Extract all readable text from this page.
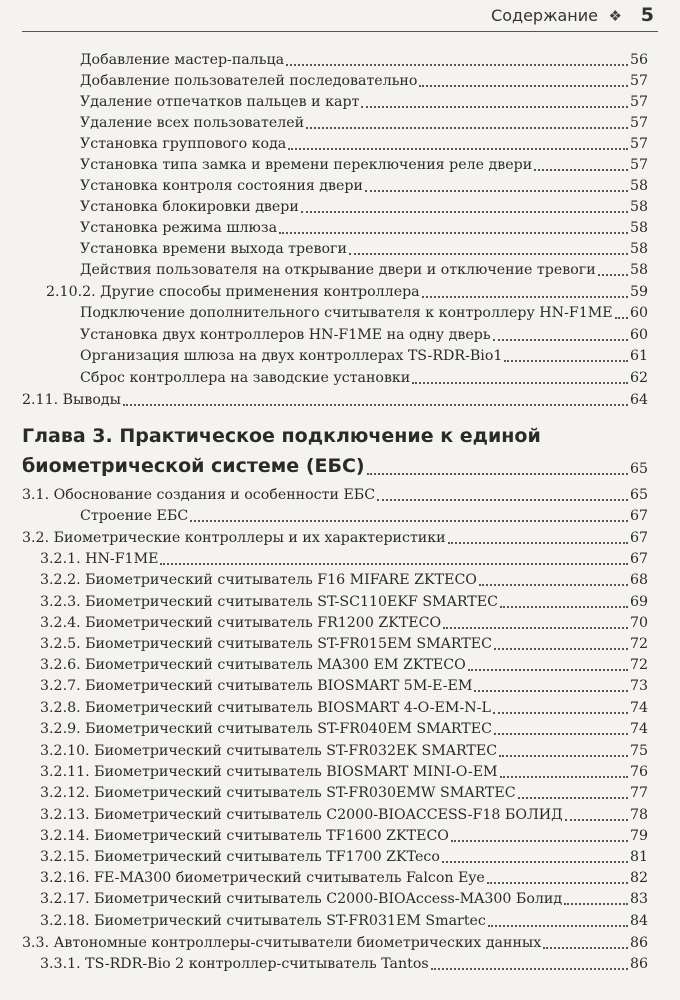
Содержание ❖ 5
Добавление мастер-пальца	56
Добавление пользователей последовательно	57
Удаление отпечатков пальцев и карт	57
Удаление всех пользователей	57
Установка группового кода	57
Установка типа замка и времени переключения реле двери	57
Установка контроля состояния двери	58
Установка блокировки двери	58
Установка режима шлюза	58
Установка времени выхода тревоги	58
Действия пользователя на открывание двери и отключение тревоги 58
2.10.2. Другие способы применения контроллера	59
Подключение дополнительного считывателя к контроллеру HN-F1ME 60
Установка двух контроллеров HN-F1ME на одну дверь	60
Организация шлюза на двух контроллерах TS-RDR-Bio1	61
Сброс контроллера на заводские установки	62
2.11. Выводы	64
Глава 3. Практическое подключение к единой
биометрической системе (ЕБС)	65
3.1. Обоснование создания и особенности ЕБС	65
Строение ЕБС	67
3.2. Биометрические контроллеры и их характеристики	67
3.2.1. HN-F1ME	67
3.2.2. Биометрический считыватель F16 MIFARE ZKTECO	68
3.2.3. Биометрический считыватель ST-SC110EKF SMARTEC	69
3.2.4. Биометрический считыватель FR1200 ZKTECO	70
3.2.5. Биометрический считыватель ST-FR015EM SMARTEC	72
3.2.6. Биометрический считыватель MA300 EM ZKTECO	72
3.2.7. Биометрический считыватель BIOSMART 5M-E-EM	73
3.2.8. Биометрический считыватель BIOSMART 4-O-EM-N-L	74
3.2.9. Биометрический считыватель ST-FR040EM SMARTEC	74
3.2.10. Биометрический считыватель ST-FR032EK SMARTEC	75
3.2.11. Биометрический считыватель BIOSMART MINI-O-EM	76
3.2.12. Биометрический считыватель ST-FR030EMW SMARTEC	77
3.2.13. Биометрический считыватель C2000-BIOACCESS-F18 БОЛИД	78
3.2.14. Биометрический считыватель TF1600 ZKTECO	79
3.2.15. Биометрический считыватель TF1700 ZKTeco	81
3.2.16. FE-MA300 биометрический считыватель Falcon Eye	82
3.2.17. Биометрический считыватель C2000-BIOAccess-MA300 Болид	83
3.2.18. Биометрический считыватель ST-FR031EM Smartec	84
3.3. Автономные контроллеры-считыватели биометрических данных	86
3.3.1. TS-RDR-Bio 2 контроллер-считыватель Tantos	86
